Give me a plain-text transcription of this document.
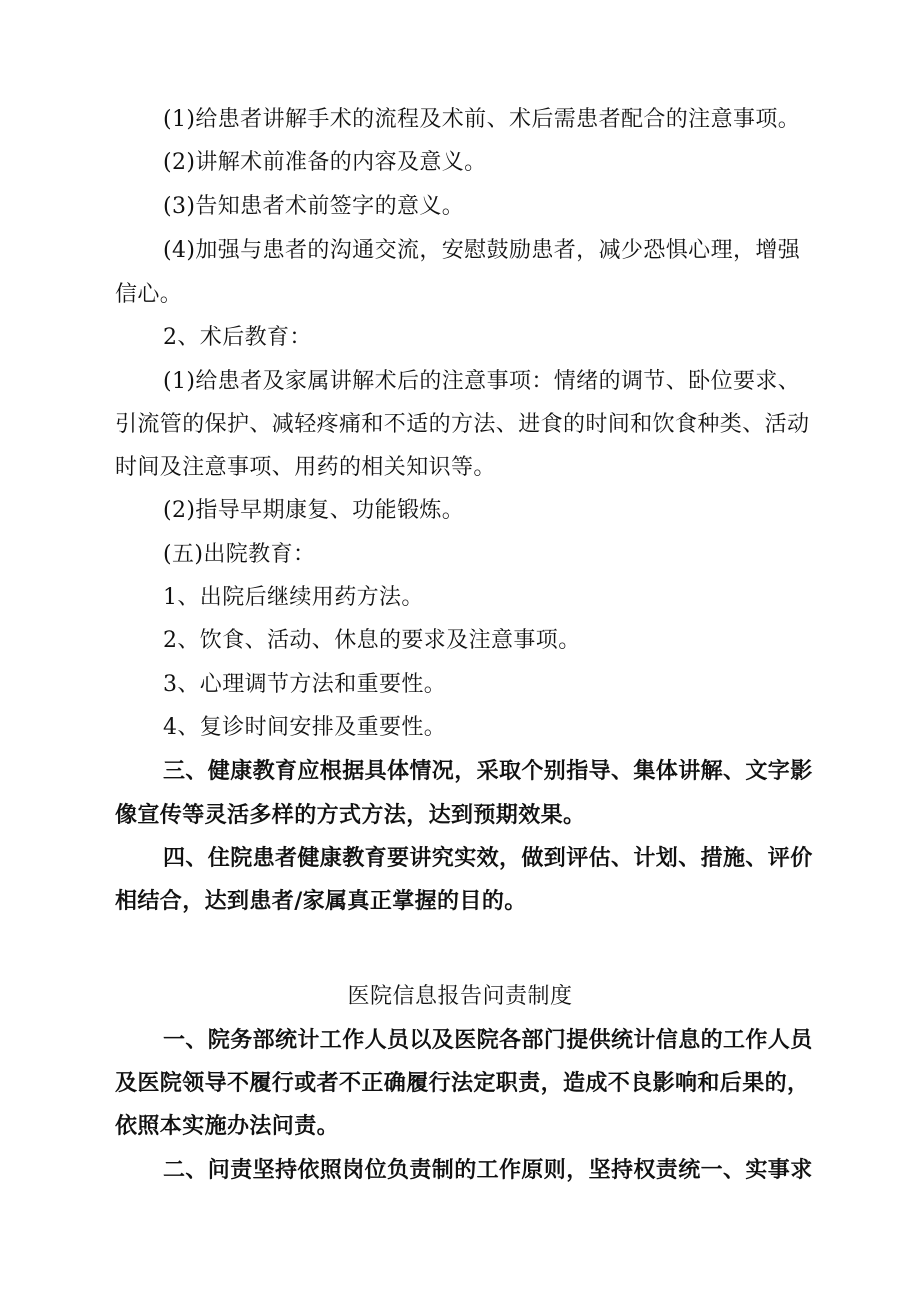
(1)给患者讲解手术的流程及术前、术后需患者配合的注意事项。
(2)讲解术前准备的内容及意义。
(3)告知患者术前签字的意义。
(4)加强与患者的沟通交流，安慰鼓励患者，减少恐惧心理，增强
信心。
2、术后教育：
(1)给患者及家属讲解术后的注意事项：情绪的调节、卧位要求、
引流管的保护、减轻疼痛和不适的方法、进食的时间和饮食种类、活动
时间及注意事项、用药的相关知识等。
(2)指导早期康复、功能锻炼。
(五)出院教育：
1、出院后继续用药方法。
2、饮食、活动、休息的要求及注意事项。
3、心理调节方法和重要性。
4、复诊时间安排及重要性。
三、健康教育应根据具体情况，采取个别指导、集体讲解、文字影
像宣传等灵活多样的方式方法，达到预期效果。
四、住院患者健康教育要讲究实效，做到评估、计划、措施、评价
相结合，达到患者/家属真正掌握的目的。
医院信息报告问责制度
一、院务部统计工作人员以及医院各部门提供统计信息的工作人员
及医院领导不履行或者不正确履行法定职责，造成不良影响和后果的，
依照本实施办法问责。
二、问责坚持依照岗位负责制的工作原则，坚持权责统一、实事求
